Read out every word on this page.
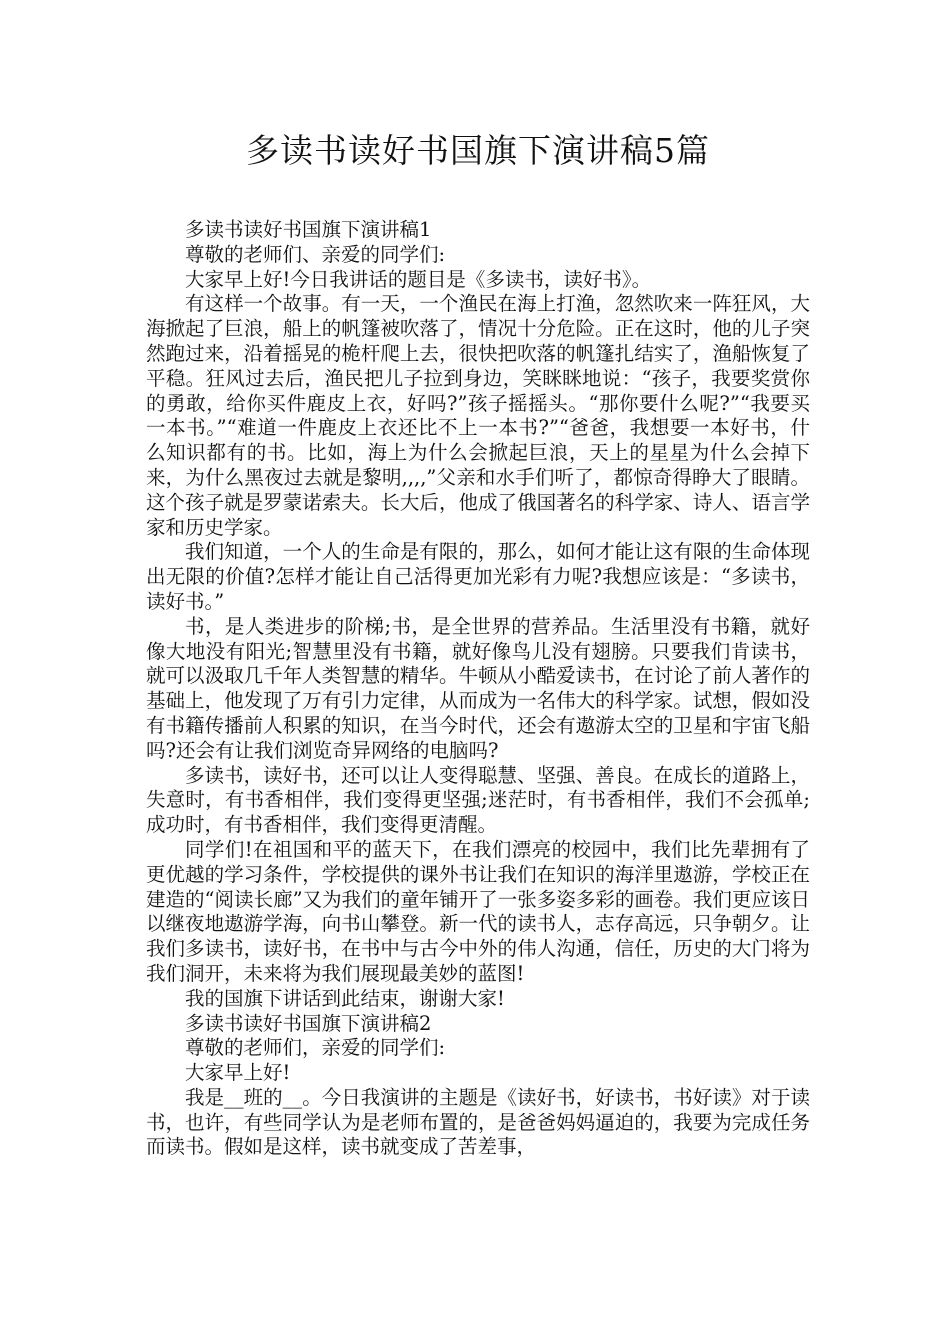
多读书读好书国旗下演讲稿5篇

多读书读好书国旗下演讲稿1

尊敬的老师们、亲爱的同学们:

大家早上好!今日我讲话的题目是《多读书，读好书》。

有这样一个故事。有一天，一个渔民在海上打渔，忽然吹来一阵狂风，大海掀起了巨浪，船上的帆篷被吹落了，情况十分危险。正在这时，他的儿子突然跑过来，沿着摇晃的桅杆爬上去，很快把吹落的帆篷扎结实了，渔船恢复了平稳。狂风过去后，渔民把儿子拉到身边，笑眯眯地说：“孩子，我要奖赏你的勇敢，给你买件鹿皮上衣，好吗?”孩子摇摇头。“那你要什么呢?”“我要买一本书。”“难道一件鹿皮上衣还比不上一本书?”“爸爸，我想要一本好书，什么知识都有的书。比如，海上为什么会掀起巨浪，天上的星星为什么会掉下来，为什么黑夜过去就是黎明,,,,”父亲和水手们听了，都惊奇得睁大了眼睛。这个孩子就是罗蒙诺索夫。长大后，他成了俄国著名的科学家、诗人、语言学家和历史学家。

我们知道，一个人的生命是有限的，那么，如何才能让这有限的生命体现出无限的价值?怎样才能让自己活得更加光彩有力呢?我想应该是：“多读书，读好书。”

书，是人类进步的阶梯;书，是全世界的营养品。生活里没有书籍，就好像大地没有阳光;智慧里没有书籍，就好像鸟儿没有翅膀。只要我们肯读书，就可以汲取几千年人类智慧的精华。牛顿从小酷爱读书，在讨论了前人著作的基础上，他发现了万有引力定律，从而成为一名伟大的科学家。试想，假如没有书籍传播前人积累的知识，在当今时代，还会有遨游太空的卫星和宇宙飞船吗?还会有让我们浏览奇异网络的电脑吗?

多读书，读好书，还可以让人变得聪慧、坚强、善良。在成长的道路上，失意时，有书香相伴，我们变得更坚强;迷茫时，有书香相伴，我们不会孤单;成功时，有书香相伴，我们变得更清醒。

同学们!在祖国和平的蓝天下，在我们漂亮的校园中，我们比先辈拥有了更优越的学习条件，学校提供的课外书让我们在知识的海洋里遨游，学校正在建造的“阅读长廊”又为我们的童年铺开了一张多姿多彩的画卷。我们更应该日以继夜地遨游学海，向书山攀登。新一代的读书人，志存高远，只争朝夕。让我们多读书，读好书，在书中与古今中外的伟人沟通，信任，历史的大门将为我们洞开，未来将为我们展现最美妙的蓝图!

我的国旗下讲话到此结束，谢谢大家!

多读书读好书国旗下演讲稿2

尊敬的老师们，亲爱的同学们:

大家早上好!

我是__班的__。今日我演讲的主题是《读好书，好读书，书好读》对于读书，也许，有些同学认为是老师布置的，是爸爸妈妈逼迫的，我要为完成任务而读书。假如是这样，读书就变成了苦差事，
